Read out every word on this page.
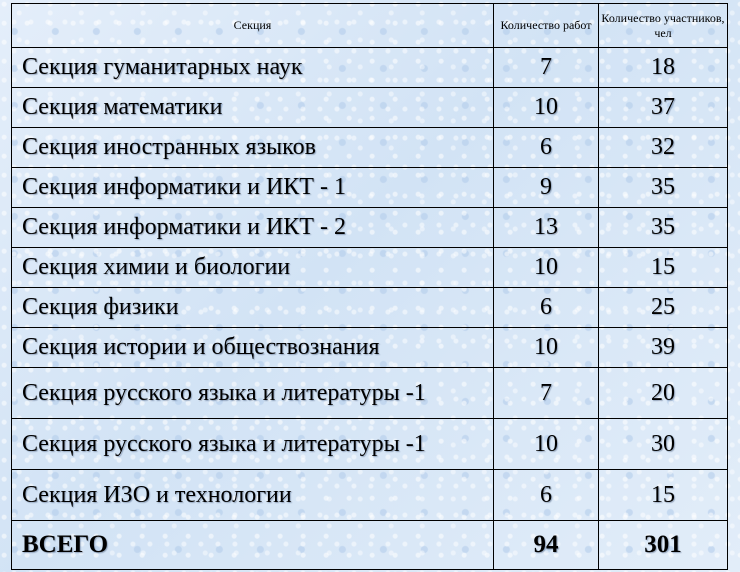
Секция	Количество работ	Количество участников, чел
Секция гуманитарных наук	7	18
Секция математики	10	37
Секция иностранных языков	6	32
Секция информатики и ИКТ - 1	9	35
Секция информатики и ИКТ - 2	13	35
Секция химии и биологии	10	15
Секция физики	6	25
Секция истории и обществознания	10	39
Секция русского языка и литературы -1	7	20
Секция русского языка и литературы -1	10	30
Секция ИЗО и технологии	6	15
ВСЕГО	94	301
